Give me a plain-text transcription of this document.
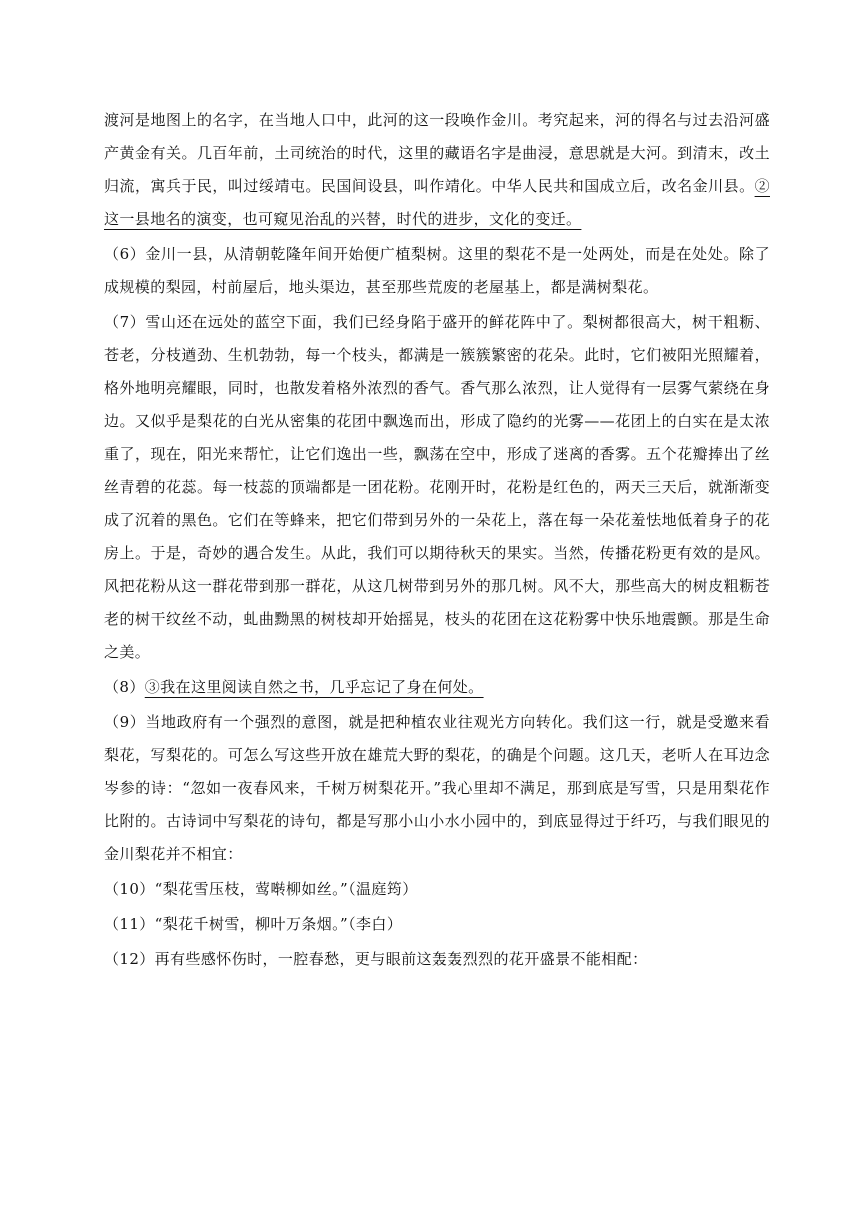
渡河是地图上的名字，在当地人口中，此河的这一段唤作金川。考究起来，河的得名与过去沿河盛产黄金有关。几百年前，土司统治的时代，这里的藏语名字是曲浸，意思就是大河。到清末，改土归流，寓兵于民，叫过绥靖屯。民国间设县，叫作靖化。中华人民共和国成立后，改名金川县。②这一县地名的演变，也可窥见治乱的兴替，时代的进步，文化的变迁。

（6）金川一县，从清朝乾隆年间开始便广植梨树。这里的梨花不是一处两处，而是在处处。除了成规模的梨园，村前屋后，地头渠边，甚至那些荒废的老屋基上，都是满树梨花。

（7）雪山还在远处的蓝空下面，我们已经身陷于盛开的鲜花阵中了。梨树都很高大，树干粗粝、苍老，分枝遒劲、生机勃勃，每一个枝头，都满是一簇簇繁密的花朵。此时，它们被阳光照耀着，格外地明亮耀眼，同时，也散发着格外浓烈的香气。香气那么浓烈，让人觉得有一层雾气萦绕在身边。又似乎是梨花的白光从密集的花团中飘逸而出，形成了隐约的光雾——花团上的白实在是太浓重了，现在，阳光来帮忙，让它们逸出一些，飘荡在空中，形成了迷离的香雾。五个花瓣捧出了丝丝青碧的花蕊。每一枝蕊的顶端都是一团花粉。花刚开时，花粉是红色的，两天三天后，就渐渐变成了沉着的黑色。它们在等蜂来，把它们带到另外的一朵花上，落在每一朵花羞怯地低着身子的花房上。于是，奇妙的遇合发生。从此，我们可以期待秋天的果实。当然，传播花粉更有效的是风。风把花粉从这一群花带到那一群花，从这几树带到另外的那几树。风不大，那些高大的树皮粗粝苍老的树干纹丝不动，虬曲黝黑的树枝却开始摇晃，枝头的花团在这花粉雾中快乐地震颤。那是生命之美。

（8）③我在这里阅读自然之书，几乎忘记了身在何处。

（9）当地政府有一个强烈的意图，就是把种植农业往观光方向转化。我们这一行，就是受邀来看梨花，写梨花的。可怎么写这些开放在雄荒大野的梨花，的确是个问题。这几天，老听人在耳边念岑参的诗：“忽如一夜春风来，千树万树梨花开。”我心里却不满足，那到底是写雪，只是用梨花作比附的。古诗词中写梨花的诗句，都是写那小山小水小园中的，到底显得过于纤巧，与我们眼见的金川梨花并不相宜：

（10）“梨花雪压枝，莺啭柳如丝。”（温庭筠）

（11）“梨花千树雪，柳叶万条烟。”（李白）

（12）再有些感怀伤时，一腔春愁，更与眼前这轰轰烈烈的花开盛景不能相配：
